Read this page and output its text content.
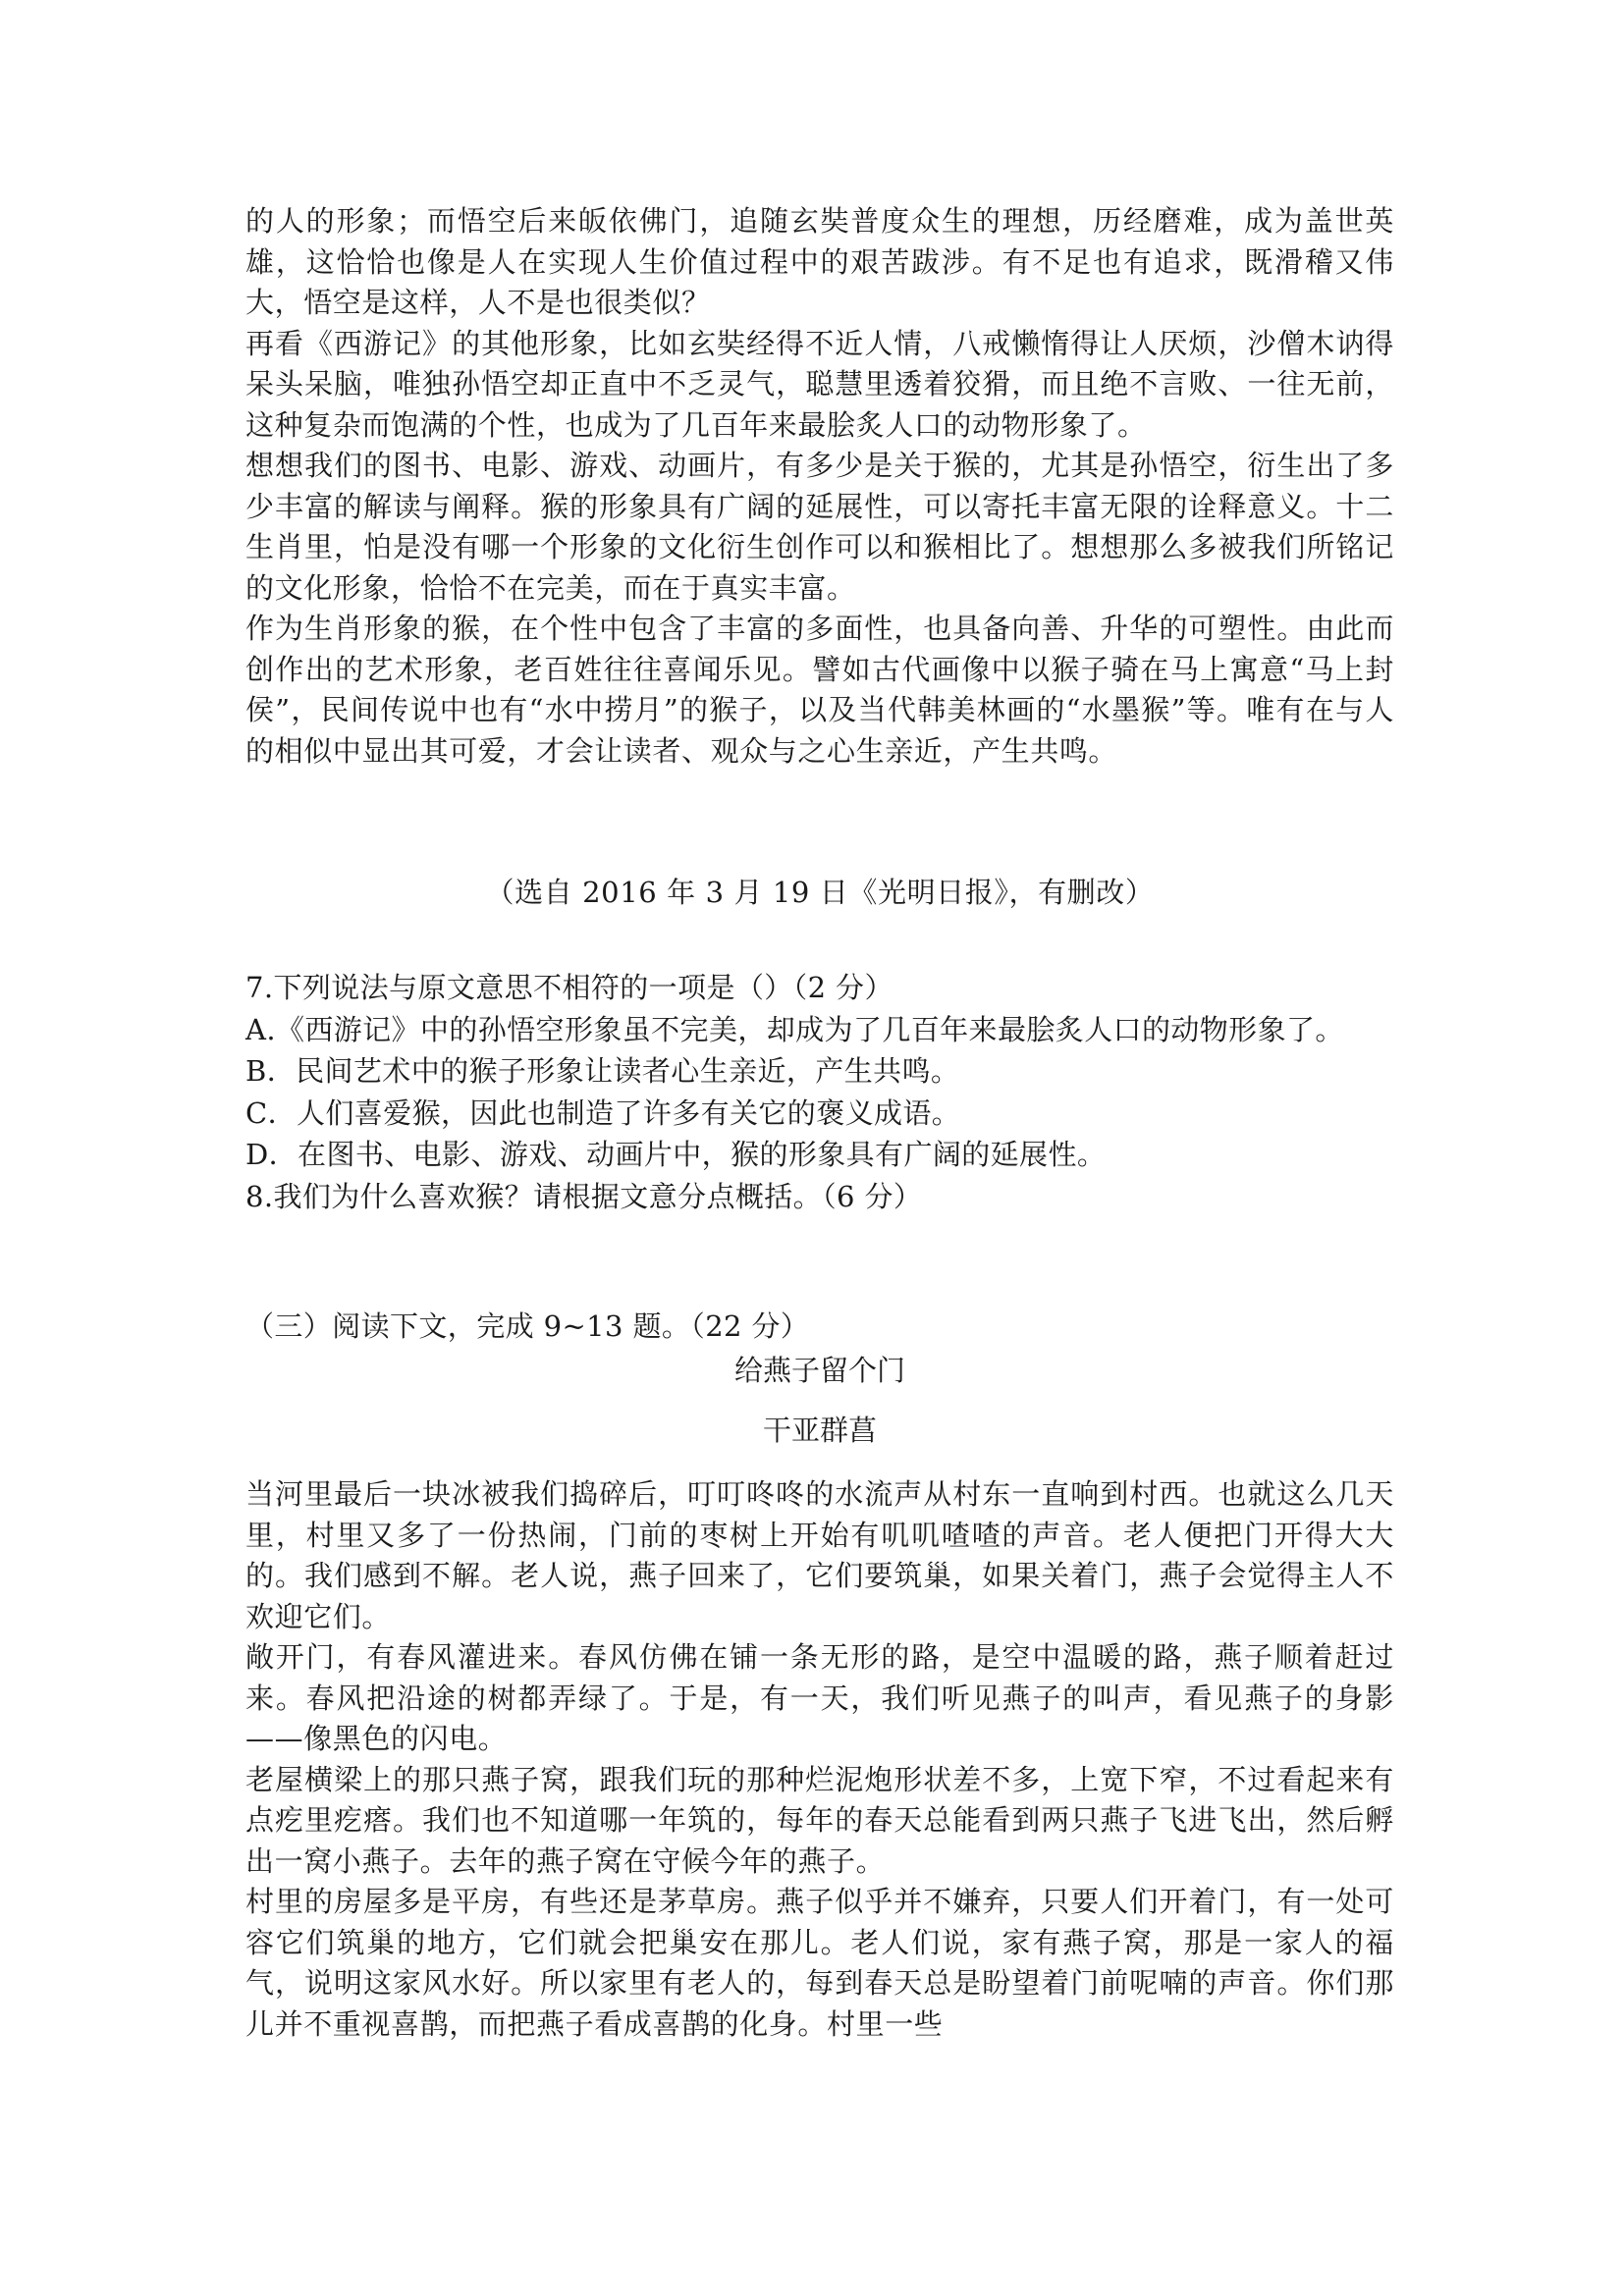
的人的形象；而悟空后来皈依佛门，追随玄奘普度众生的理想，历经磨难，成为盖世英雄，这恰恰也像是人在实现人生价值过程中的艰苦跋涉。有不足也有追求，既滑稽又伟大，悟空是这样，人不是也很类似？

再看《西游记》的其他形象，比如玄奘经得不近人情，八戒懒惰得让人厌烦，沙僧木讷得呆头呆脑，唯独孙悟空却正直中不乏灵气，聪慧里透着狡猾，而且绝不言败、一往无前，这种复杂而饱满的个性，也成为了几百年来最脍炙人口的动物形象了。

想想我们的图书、电影、游戏、动画片，有多少是关于猴的，尤其是孙悟空，衍生出了多少丰富的解读与阐释。猴的形象具有广阔的延展性，可以寄托丰富无限的诠释意义。十二生肖里，怕是没有哪一个形象的文化衍生创作可以和猴相比了。想想那么多被我们所铭记的文化形象，恰恰不在完美，而在于真实丰富。

作为生肖形象的猴，在个性中包含了丰富的多面性，也具备向善、升华的可塑性。由此而创作出的艺术形象，老百姓往往喜闻乐见。譬如古代画像中以猴子骑在马上寓意“马上封侯”，民间传说中也有“水中捞月”的猴子，以及当代韩美林画的“水墨猴”等。唯有在与人的相似中显出其可爱，才会让读者、观众与之心生亲近，产生共鸣。

（选自 2016 年 3 月 19 日《光明日报》，有删改）

7.下列说法与原文意思不相符的一项是（）（2 分）

A.《西游记》中的孙悟空形象虽不完美，却成为了几百年来最脍炙人口的动物形象了。

B．民间艺术中的猴子形象让读者心生亲近，产生共鸣。

C．人们喜爱猴，因此也制造了许多有关它的褒义成语。

D．在图书、电影、游戏、动画片中，猴的形象具有广阔的延展性。

8.我们为什么喜欢猴？请根据文意分点概括。（6 分）

（三）阅读下文，完成 9~13 题。（22 分）
给燕子留个门
干亚群菖

当河里最后一块冰被我们捣碎后，叮叮咚咚的水流声从村东一直响到村西。也就这么几天里，村里又多了一份热闹，门前的枣树上开始有叽叽喳喳的声音。老人便把门开得大大的。我们感到不解。老人说，燕子回来了，它们要筑巢，如果关着门，燕子会觉得主人不欢迎它们。

敞开门，有春风灌进来。春风仿佛在铺一条无形的路，是空中温暖的路，燕子顺着赶过来。春风把沿途的树都弄绿了。于是，有一天，我们听见燕子的叫声，看见燕子的身影——像黑色的闪电。

老屋横梁上的那只燕子窝，跟我们玩的那种烂泥炮形状差不多，上宽下窄，不过看起来有点疙里疙瘩。我们也不知道哪一年筑的，每年的春天总能看到两只燕子飞进飞出，然后孵出一窝小燕子。去年的燕子窝在守候今年的燕子。

村里的房屋多是平房，有些还是茅草房。燕子似乎并不嫌弃，只要人们开着门，有一处可容它们筑巢的地方，它们就会把巢安在那儿。老人们说，家有燕子窝，那是一家人的福气，说明这家风水好。所以家里有老人的，每到春天总是盼望着门前呢喃的声音。你们那儿并不重视喜鹊，而把燕子看成喜鹊的化身。村里一些
